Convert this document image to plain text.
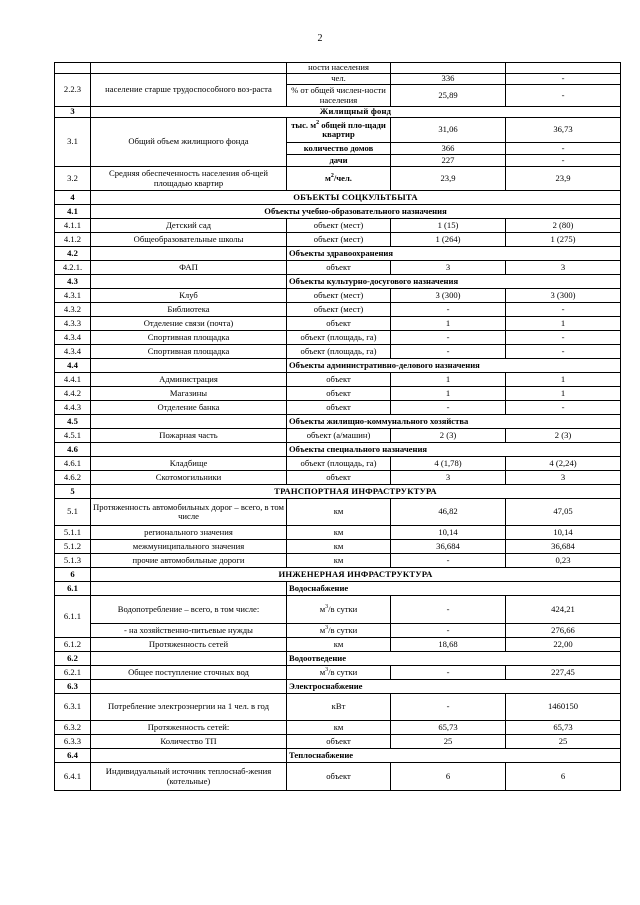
2
		ности населения		
2.2.3	население старше трудоспособного воз-раста	чел.	336	-
		% от общей числен-ности населения	25,89	-
3	Жилищный фонд			
3.1	Общий объем жилищного фонда	тыс. $м^2$ общей пло-щади квартир	31,06	36,73
		количество домов	366	-
		дачи	227	-
3.2	Средняя обеспеченность населения об-щей площадью квартир	$м^2$/чел.	23,9	23,9
4	ОБЪЕКТЫ СОЦКУЛЬТБЫТА			
4.1	Объекты учебно-образовательного назначения			
4.1.1	Детский сад	объект (мест)	1 (15)	2 (80)
4.1.2	Общеобразовательные школы	объект (мест)	1 (264)	1 (275)
4.2		Объекты здравоохранения		
4.2.1.	ФАП	объект	3	3
4.3		Объекты культурно-досугового назначения		
4.3.1	Клуб	объект (мест)	3 (300)	3 (300)
4.3.2	Библиотека	объект (мест)	-	-
4.3.3	Отделение связи (почта)	объект	1	1
4.3.4	Спортивная площадка	объект (площадь, га)	-	-
4.3.4	Спортивная площадка	объект (площадь, га)	-	-
4.4		Объекты административно-делового назначения		
4.4.1	Администрация	объект	1	1
4.4.2	Магазины	объект	1	1
4.4.3	Отделение банка	объект	-	-
4.5		Объекты жилищно-коммунального хозяйства		
4.5.1	Пожарная часть	объект (а/машин)	2 (3)	2 (3)
4.6		Объекты специального назначения		
4.6.1	Кладбище	объект (площадь, га)	4 (1,78)	4 (2,24)
4.6.2	Скотомогильники	объект	3	3
5	ТРАНСПОРТНАЯ ИНФРАСТРУКТУРА			
5.1	Протяженность автомобильных дорог – всего, в том числе	км	46,82	47,05
5.1.1	регионального значения	км	10,14	10,14
5.1.2	межмуниципального значения	км	36,684	36,684
5.1.3	прочие автомобильные дороги	км	-	0,23
6	ИНЖЕНЕРНАЯ ИНФРАСТРУКТУРА			
6.1		Водоснабжение		
6.1.1	Водопотребление – всего, в том числе:	$м^3/в$ сутки	-	424,21
	- на хозяйственно-питьевые нужды	$м^3/в$ сутки	-	276,66
6.1.2	Протяженность сетей	км	18,68	22,00
6.2		Водоотведение		
6.2.1	Общее поступление сточных вод	$м^3/в$ сутки	-	227,45
6.3		Электроснабжение		
6.3.1	Потребление электроэнергии на 1 чел. в год	кВт	-	1460150
6.3.2	Протяженность сетей:	км	65,73	65,73
6.3.3	Количество ТП	объект	25	25
6.4		Теплоснабжение		
6.4.1	Индивидуальный источник теплоснаб-жения (котельные)	объект	6	6
